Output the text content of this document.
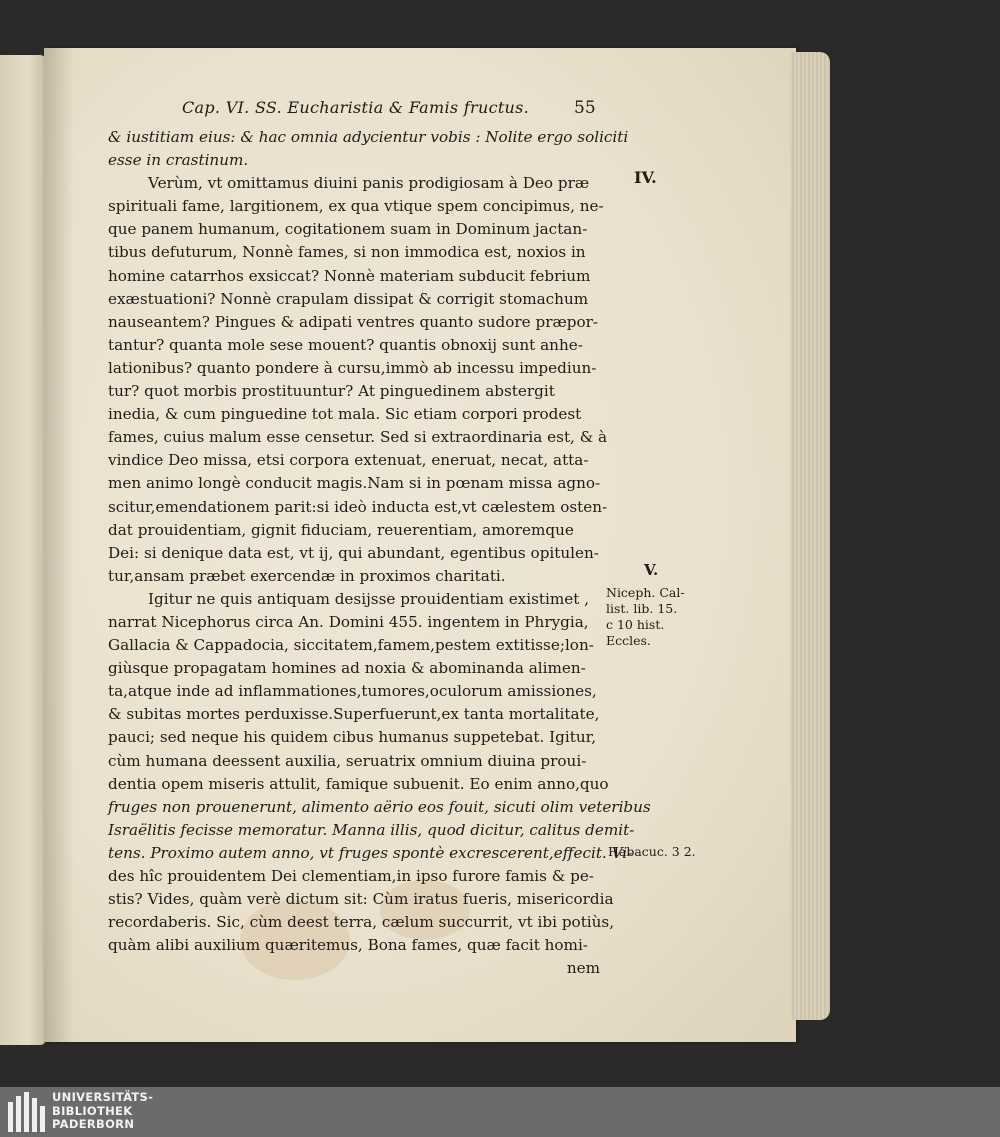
Cap. VI. SS. Eucharistia & Famis fructus.	55
& iustitiam eius: & hac omnia adycientur vobis : Nolite ergo soliciti
esse in crastinum.
Verùm, vt omittamus diuini panis prodigiosam à Deo præ
spirituali fame, largitionem, ex qua vtique spem concipimus, ne-
que panem humanum, cogitationem suam in Dominum jactan-
tibus defuturum, Nonnè fames, si non immodica est, noxios in
homine catarrhos exsiccat? Nonnè materiam subducit febrium
exæstuationi? Nonnè crapulam dissipat & corrigit stomachum
nauseantem? Pingues & adipati ventres quanto sudore præpor-
tantur? quanta mole sese mouent? quantis obnoxij sunt anhe-
lationibus? quanto pondere à cursu,immò ab incessu impediun-
tur? quot morbis prostituuntur? At pinguedinem abstergit
inedia, & cum pinguedine tot mala. Sic etiam corpori prodest
fames, cuius malum esse censetur. Sed si extraordinaria est, & à
vindice Deo missa, etsi corpora extenuat, eneruat, necat, atta-
men animo longè conducit magis.Nam si in pœnam missa agno-
scitur,emendationem parit:si ideò inducta est,vt cælestem osten-
dat prouidentiam, gignit fiduciam, reuerentiam, amoremque
Dei: si denique data est, vt ij, qui abundant, egentibus opitulen-
tur,ansam præbet exercendæ in proximos charitati.
Igitur ne quis antiquam desijsse prouidentiam existimet ,
narrat Nicephorus circa An. Domini 455. ingentem in Phrygia,
Gallacia & Cappadocia, siccitatem,famem,pestem extitisse;lon-
giùsque propagatam homines ad noxia & abominanda alimen-
ta,atque inde ad inflammationes,tumores,oculorum amissiones,
& subitas mortes perduxisse.Superfuerunt,ex tanta mortalitate,
pauci; sed neque his quidem cibus humanus suppetebat. Igitur,
cùm humana deessent auxilia, seruatrix omnium diuina proui-
dentia opem miseris attulit, famique subuenit. Eo enim anno,quo
fruges non prouenerunt, alimento aërio eos fouit, sicuti olim veteribus
Israëlitis fecisse memoratur. Manna illis, quod dicitur, calitus demit-
tens. Proximo autem anno, vt fruges spontè excrescerent,effecit. Vi-
des hîc prouidentem Dei clementiam,in ipso furore famis & pe-
stis? Vides, quàm verè dictum sit: Cùm iratus fueris, misericordia
recordaberis. Sic, cùm deest terra, cælum succurrit, vt ibi potiùs,
quàm alibi auxilium quæritemus, Bona fames, quæ facit homi-
nem
IV.
V.
Niceph. Cal-
list. lib. 15.
c 10 hist.
Eccles.
Habacuc. 3 2.
UNIVERSITÄTS-
BIBLIOTHEK
PADERBORN
